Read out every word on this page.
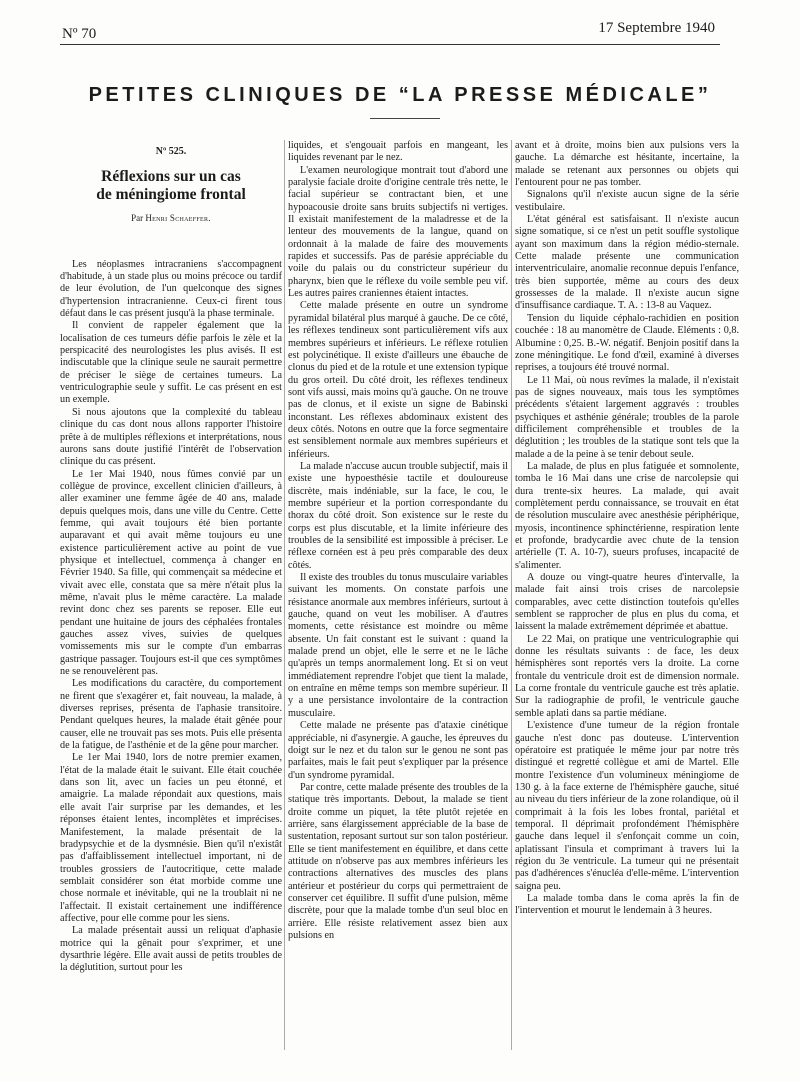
Nº 70	17 Septembre 1940
PETITES CLINIQUES DE “LA PRESSE MÉDICALE”
Nº 525.
Réflexions sur un cas
de méningiome frontal
Par Henri Schaeffer.

Les néoplasmes intracraniens s'accompagnent d'habitude, à un stade plus ou moins précoce ou tardif de leur évolution, de l'un quelconque des signes d'hypertension intracranienne. Ceux-ci firent tous défaut dans le cas présent jusqu'à la phase terminale.

Il convient de rappeler également que la localisation de ces tumeurs défie parfois le zèle et la perspicacité des neurologistes les plus avisés. Il est indiscutable que la clinique seule ne saurait permettre de préciser le siège de certaines tumeurs. La ventriculographie seule y suffit. Le cas présent en est un exemple.

Si nous ajoutons que la complexité du tableau clinique du cas dont nous allons rapporter l'histoire prête à de multiples réflexions et interprétations, nous aurons sans doute justifié l'intérêt de l'observation clinique du cas présent.

Le 1er Mai 1940, nous fûmes convié par un collègue de province, excellent clinicien d'ailleurs, à aller examiner une femme âgée de 40 ans, malade depuis quelques mois, dans une ville du Centre. Cette femme, qui avait toujours été bien portante auparavant et qui avait même toujours eu une existence particulièrement active au point de vue physique et intellectuel, commença à changer en Février 1940. Sa fille, qui commençait sa médecine et vivait avec elle, constata que sa mère n'était plus la même, n'avait plus le même caractère. La malade revint donc chez ses parents se reposer. Elle eut pendant une huitaine de jours des céphalées frontales gauches assez vives, suivies de quelques vomissements mis sur le compte d'un embarras gastrique passager. Toujours est-il que ces symptômes ne se renouvelèrent pas.

Les modifications du caractère, du comportement ne firent que s'exagérer et, fait nouveau, la malade, à diverses reprises, présenta de l'aphasie transitoire. Pendant quelques heures, la malade était gênée pour causer, elle ne trouvait pas ses mots. Puis elle présenta de la fatigue, de l'asthénie et de la gêne pour marcher.

Le 1er Mai 1940, lors de notre premier examen, l'état de la malade était le suivant. Elle était couchée dans son lit, avec un facies un peu étonné, et amaigrie. La malade répondait aux questions, mais elle avait l'air surprise par les demandes, et les réponses étaient lentes, incomplètes et imprécises. Manifestement, la malade présentait de la bradypsychie et de la dysmnésie. Bien qu'il n'existât pas d'affaiblissement intellectuel important, ni de troubles grossiers de l'autocritique, cette malade semblait considérer son état morbide comme une chose normale et inévitable, qui ne la troublait ni ne l'affectait. Il existait certainement une indifférence affective, pour elle comme pour les siens.

La malade présentait aussi un reliquat d'aphasie motrice qui la gênait pour s'exprimer, et une dysarthrie légère. Elle avait aussi de petits troubles de la déglutition, surtout pour les

liquides, et s'engouait parfois en mangeant, les liquides revenant par le nez.

L'examen neurologique montrait tout d'abord une paralysie faciale droite d'origine centrale très nette, le facial supérieur se contractant bien, et une hypoacousie droite sans bruits subjectifs ni vertiges. Il existait manifestement de la maladresse et de la lenteur des mouvements de la langue, quand on ordonnait à la malade de faire des mouvements rapides et successifs. Pas de parésie appréciable du voile du palais ou du constricteur supérieur du pharynx, bien que le réflexe du voile semble peu vif. Les autres paires craniennes étaient intactes.

Cette malade présente en outre un syndrome pyramidal bilatéral plus marqué à gauche. De ce côté, les réflexes tendineux sont particulièrement vifs aux membres supérieurs et inférieurs. Le réflexe rotulien est polycinétique. Il existe d'ailleurs une ébauche de clonus du pied et de la rotule et une extension typique du gros orteil. Du côté droit, les réflexes tendineux sont vifs aussi, mais moins qu'à gauche. On ne trouve pas de clonus, et il existe un signe de Babinski inconstant. Les réflexes abdominaux existent des deux côtés. Notons en outre que la force segmentaire est sensiblement normale aux membres supérieurs et inférieurs.

La malade n'accuse aucun trouble subjectif, mais il existe une hypoesthésie tactile et douloureuse discrète, mais indéniable, sur la face, le cou, le membre supérieur et la portion correspondante du thorax du côté droit. Son existence sur le reste du corps est plus discutable, et la limite inférieure des troubles de la sensibilité est impossible à préciser. Le réflexe cornéen est à peu près comparable des deux côtés.

Il existe des troubles du tonus musculaire variables suivant les moments. On constate parfois une résistance anormale aux membres inférieurs, surtout à gauche, quand on veut les mobiliser. A d'autres moments, cette résistance est moindre ou même absente. Un fait constant est le suivant : quand la malade prend un objet, elle le serre et ne le lâche qu'après un temps anormalement long. Et si on veut immédiatement reprendre l'objet que tient la malade, on entraîne en même temps son membre supérieur. Il y a une persistance involontaire de la contraction musculaire.

Cette malade ne présente pas d'ataxie cinétique appréciable, ni d'asynergie. A gauche, les épreuves du doigt sur le nez et du talon sur le genou ne sont pas parfaites, mais le fait peut s'expliquer par la présence d'un syndrome pyramidal.

Par contre, cette malade présente des troubles de la statique très importants. Debout, la malade se tient droite comme un piquet, la tête plutôt rejetée en arrière, sans élargissement appréciable de la base de sustentation, reposant surtout sur son talon postérieur. Elle se tient manifestement en équilibre, et dans cette attitude on n'observe pas aux membres inférieurs les contractions alternatives des muscles des plans antérieur et postérieur du corps qui permettraient de conserver cet équilibre. Il suffit d'une pulsion, même discrète, pour que la malade tombe d'un seul bloc en arrière. Elle résiste relativement assez bien aux pulsions en

avant et à droite, moins bien aux pulsions vers la gauche. La démarche est hésitante, incertaine, la malade se retenant aux personnes ou objets qui l'entourent pour ne pas tomber.

Signalons qu'il n'existe aucun signe de la série vestibulaire.

L'état général est satisfaisant. Il n'existe aucun signe somatique, si ce n'est un petit souffle systolique ayant son maximum dans la région médio-sternale. Cette malade présente une communication interventriculaire, anomalie reconnue depuis l'enfance, très bien supportée, même au cours des deux grossesses de la malade. Il n'existe aucun signe d'insuffisance cardiaque. T. A. : 13-8 au Vaquez.

Tension du liquide céphalo-rachidien en position couchée : 18 au manomètre de Claude. Eléments : 0,8. Albumine : 0,25. B.-W. négatif. Benjoin positif dans la zone méningitique. Le fond d'œil, examiné à diverses reprises, a toujours été trouvé normal.

Le 11 Mai, où nous revîmes la malade, il n'existait pas de signes nouveaux, mais tous les symptômes précédents s'étaient largement aggravés : troubles psychiques et asthénie générale; troubles de la parole difficilement compréhensible et troubles de la déglutition ; les troubles de la statique sont tels que la malade a de la peine à se tenir debout seule.

La malade, de plus en plus fatiguée et somnolente, tomba le 16 Mai dans une crise de narcolepsie qui dura trente-six heures. La malade, qui avait complètement perdu connaissance, se trouvait en état de résolution musculaire avec anesthésie périphérique, myosis, incontinence sphinctérienne, respiration lente et profonde, bradycardie avec chute de la tension artérielle (T. A. 10-7), sueurs profuses, incapacité de s'alimenter.

A douze ou vingt-quatre heures d'intervalle, la malade fait ainsi trois crises de narcolepsie comparables, avec cette distinction toutefois qu'elles semblent se rapprocher de plus en plus du coma, et laissent la malade extrêmement déprimée et abattue.

Le 22 Mai, on pratique une ventriculographie qui donne les résultats suivants : de face, les deux hémisphères sont reportés vers la droite. La corne frontale du ventricule droit est de dimension normale. La corne frontale du ventricule gauche est très aplatie. Sur la radiographie de profil, le ventricule gauche semble aplati dans sa partie médiane.

L'existence d'une tumeur de la région frontale gauche n'est donc pas douteuse. L'intervention opératoire est pratiquée le même jour par notre très distingué et regretté collègue et ami de Martel. Elle montre l'existence d'un volumineux méningiome de 130 g. à la face externe de l'hémisphère gauche, situé au niveau du tiers inférieur de la zone rolandique, où il comprimait à la fois les lobes frontal, pariétal et temporal. Il déprimait profondément l'hémisphère gauche dans lequel il s'enfonçait comme un coin, aplatissant l'insula et comprimant à travers lui la région du 3e ventricule. La tumeur qui ne présentait pas d'adhérences s'énucléa d'elle-même. L'intervention saigna peu.

La malade tomba dans le coma après la fin de l'intervention et mourut le lendemain à 3 heures.
